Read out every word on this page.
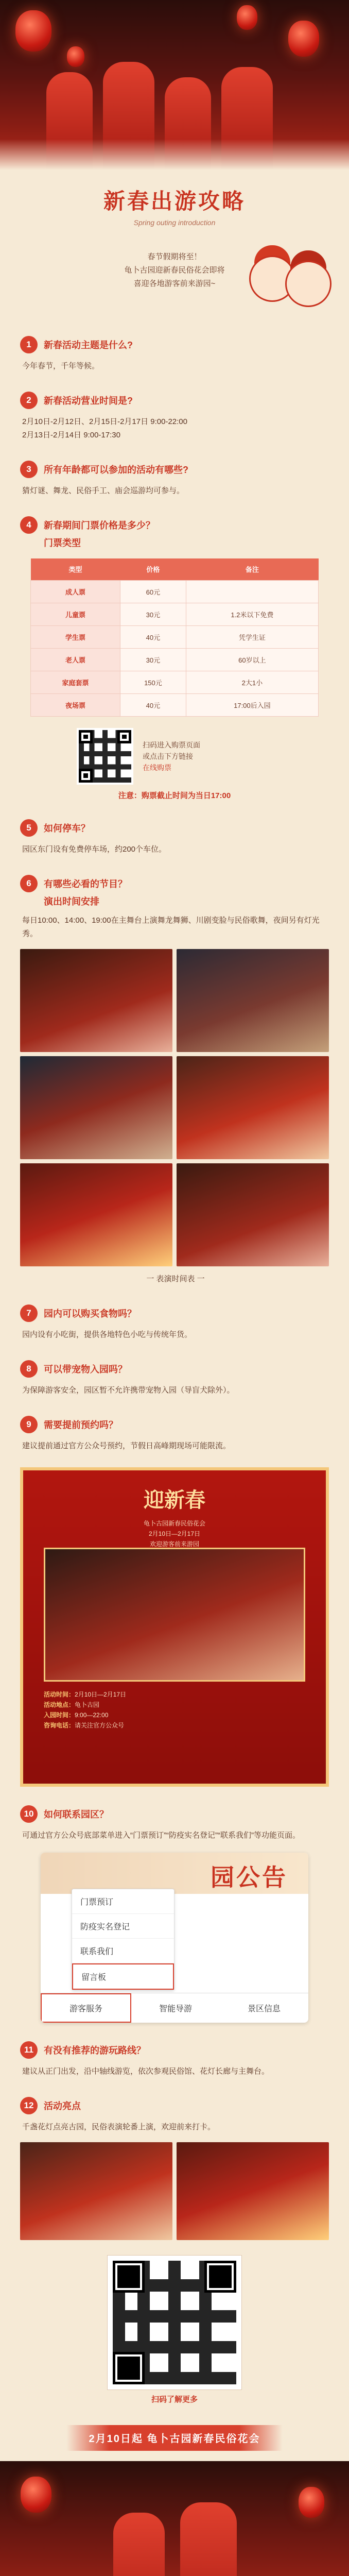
新春出游攻略
Spring outing introduction
春节假期将至！
龟卜古园迎新春民俗花会即将
喜迎各地游客前来游园~
1	新春活动主题是什么?
今年春节，千年等候。
2	新春活动营业时间是?
2月10日-2月12日、2月15日-2月17日 9:00-22:00
2月13日-2月14日 9:00-17:30
3	所有年龄都可以参加的活动有哪些?
猜灯谜、舞龙、民俗手工、庙会巡游均可参与。
4	新春期间门票价格是多少？
门票类型
类型	价格	备注
成人票	60元	
儿童票	30元	1.2米以下免费
学生票	40元	凭学生证
老人票	30元	60岁以上
家庭套票	150元	2大1小
夜场票	40元	17:00后入园
扫码进入购票页面
或点击下方链接
在线购票
注意：购票截止时间为当日17:00
5	如何停车？
园区东门设有免费停车场，约200个车位。
6	有哪些必看的节目？
演出时间安排
每日10:00、14:00、19:00在主舞台上演舞龙舞狮、川剧变脸与民俗歌舞，夜间另有灯光秀。
一 表演时间表 一
7	园内可以购买食物吗？
园内设有小吃街，提供各地特色小吃与传统年货。
8	可以带宠物入园吗？
为保障游客安全，园区暂不允许携带宠物入园（导盲犬除外）。
9	需要提前预约吗？
建议提前通过官方公众号预约，节假日高峰期现场可能限流。
迎新春
龟卜古园新春民俗花会
2月10日—2月17日
欢迎游客前来游园
活动时间：2月10日—2月17日
活动地点：龟卜古园
入园时间：9:00—22:00
咨询电话：请关注官方公众号
10	如何联系园区？
可通过官方公众号底部菜单进入“门票预订”“防疫实名登记”“联系我们”等功能页面。
园公告
门票预订
防疫实名登记
联系我们
留言板
游客服务	智能导游	景区信息
11	有没有推荐的游玩路线？
建议从正门出发，沿中轴线游览，依次参观民俗馆、花灯长廊与主舞台。
12	活动亮点
千盏花灯点亮古园，民俗表演轮番上演，欢迎前来打卡。
扫码了解更多
2月10日起 龟卜古园新春民俗花会
